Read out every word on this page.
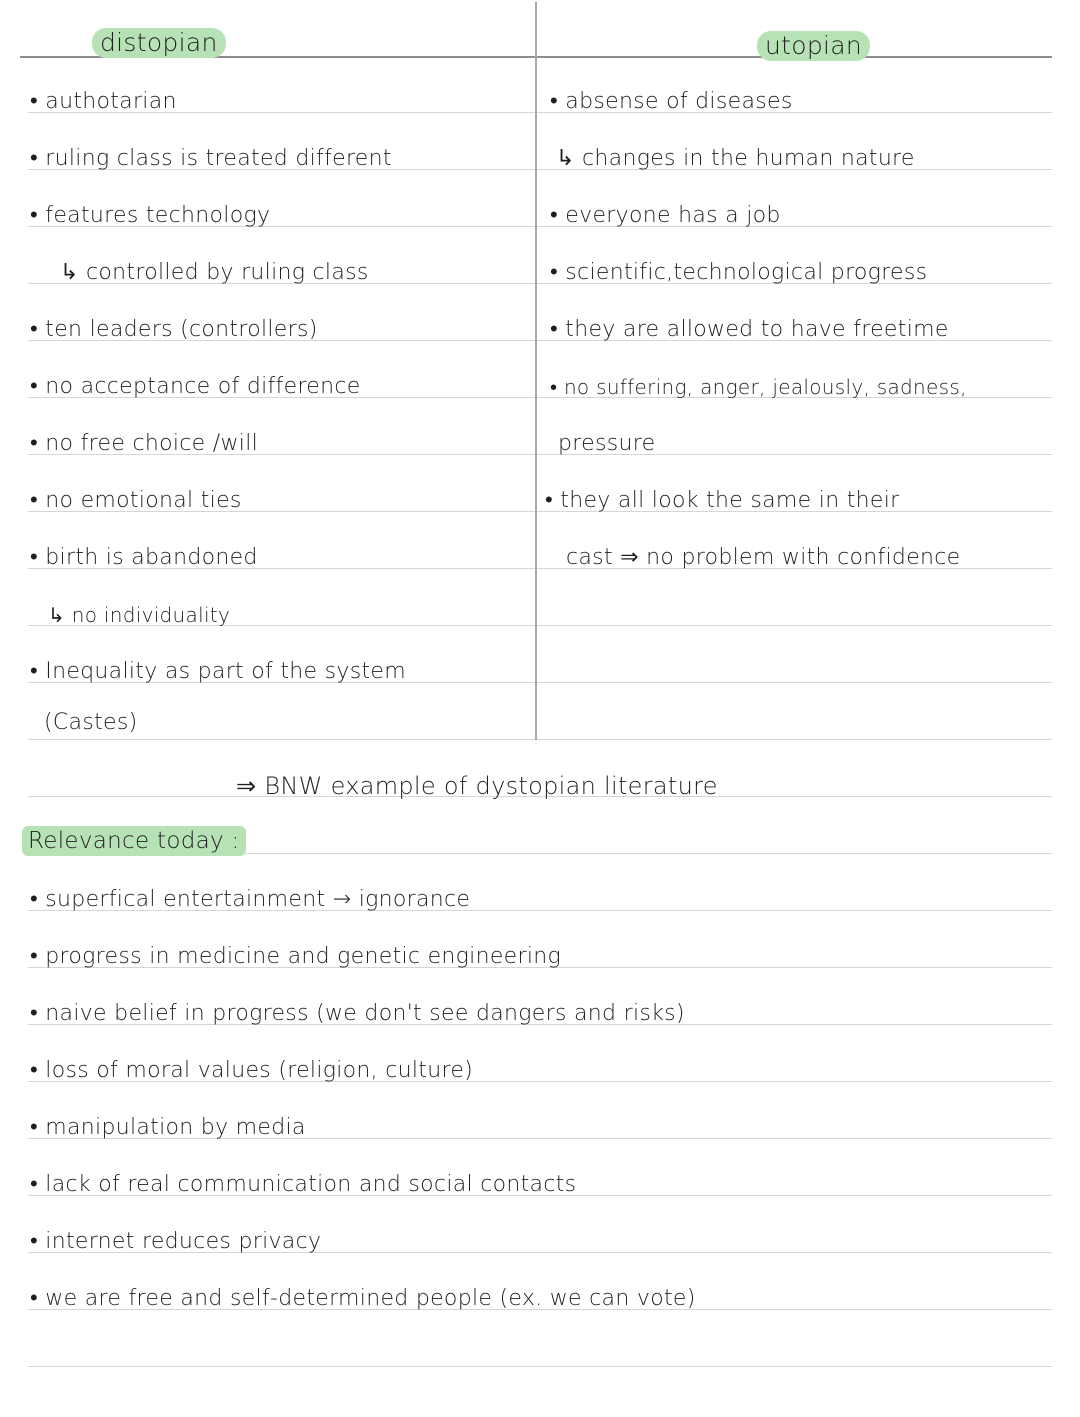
distopian	utopian
• authotarian
• ruling class is treated different
• features technology
↳ controlled by ruling class
• ten leaders (controllers)
• no acceptance of difference
• no free choice /will
• no emotional ties
• birth is abandoned
↳ no individuality
• Inequality as part of the system
(Castes)
• absense of diseases
↳ changes in the human nature
• everyone has a job
• scientific,technological progress
• they are allowed to have freetime
• no suffering, anger, jealously, sadness,
pressure
• they all look the same in their
cast ⇒ no problem with confidence
⇒ BNW example of dystopian literature
Relevance today :
• superfical entertainment → ignorance
• progress in medicine and genetic engineering
• naive belief in progress (we don't see dangers and risks)
• loss of moral values (religion, culture)
• manipulation by media
• lack of real communication and social contacts
• internet reduces privacy
• we are free and self-determined people (ex. we can vote)
